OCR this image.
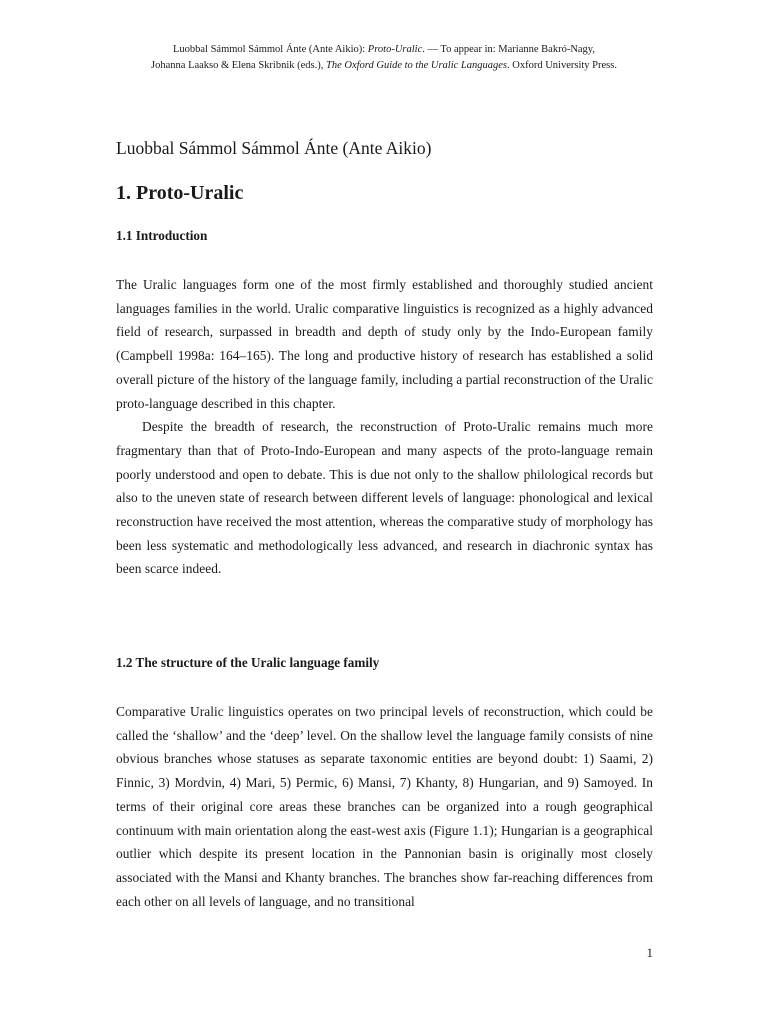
Luobbal Sámmol Sámmol Ánte (Ante Aikio): Proto-Uralic. — To appear in: Marianne Bakró-Nagy,
Johanna Laakso & Elena Skribnik (eds.), The Oxford Guide to the Uralic Languages. Oxford University Press.
Luobbal Sámmol Sámmol Ánte (Ante Aikio)
1. Proto-Uralic
1.1 Introduction

The Uralic languages form one of the most firmly established and thoroughly studied ancient languages families in the world. Uralic comparative linguistics is recognized as a highly advanced field of research, surpassed in breadth and depth of study only by the Indo-European family (Campbell 1998a: 164–165). The long and productive history of research has established a solid overall picture of the history of the language family, including a partial reconstruction of the Uralic proto-language described in this chapter.

Despite the breadth of research, the reconstruction of Proto-Uralic remains much more fragmentary than that of Proto-Indo-European and many aspects of the proto-language remain poorly understood and open to debate. This is due not only to the shallow philological records but also to the uneven state of research between different levels of language: phonological and lexical reconstruction have received the most attention, whereas the comparative study of morphology has been less systematic and methodologically less advanced, and research in diachronic syntax has been scarce indeed.

1.2 The structure of the Uralic language family

Comparative Uralic linguistics operates on two principal levels of reconstruction, which could be called the ‘shallow’ and the ‘deep’ level. On the shallow level the language family consists of nine obvious branches whose statuses as separate taxonomic entities are beyond doubt: 1) Saami, 2) Finnic, 3) Mordvin, 4) Mari, 5) Permic, 6) Mansi, 7) Khanty, 8) Hungarian, and 9) Samoyed. In terms of their original core areas these branches can be organized into a rough geographical continuum with main orientation along the east-west axis (Figure 1.1); Hungarian is a geographical outlier which despite its present location in the Pannonian basin is originally most closely associated with the Mansi and Khanty branches. The branches show far-reaching differences from each other on all levels of language, and no transitional

1
